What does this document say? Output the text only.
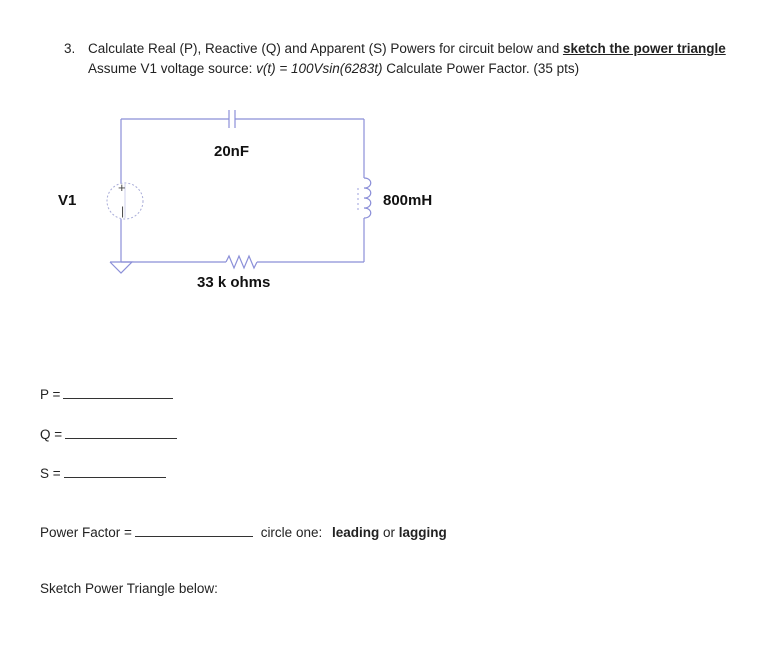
3. Calculate Real (P), Reactive (Q) and Apparent (S) Powers for circuit below and sketch the power triangle
Assume V1 voltage source: v(t) = 100Vsin(6283t) Calculate Power Factor. (35 pts)
+
|
V1
20nF
800mH
33 k ohms
P =
Q =
S =
Power Factor =	circle one: leading or lagging
Sketch Power Triangle below:
